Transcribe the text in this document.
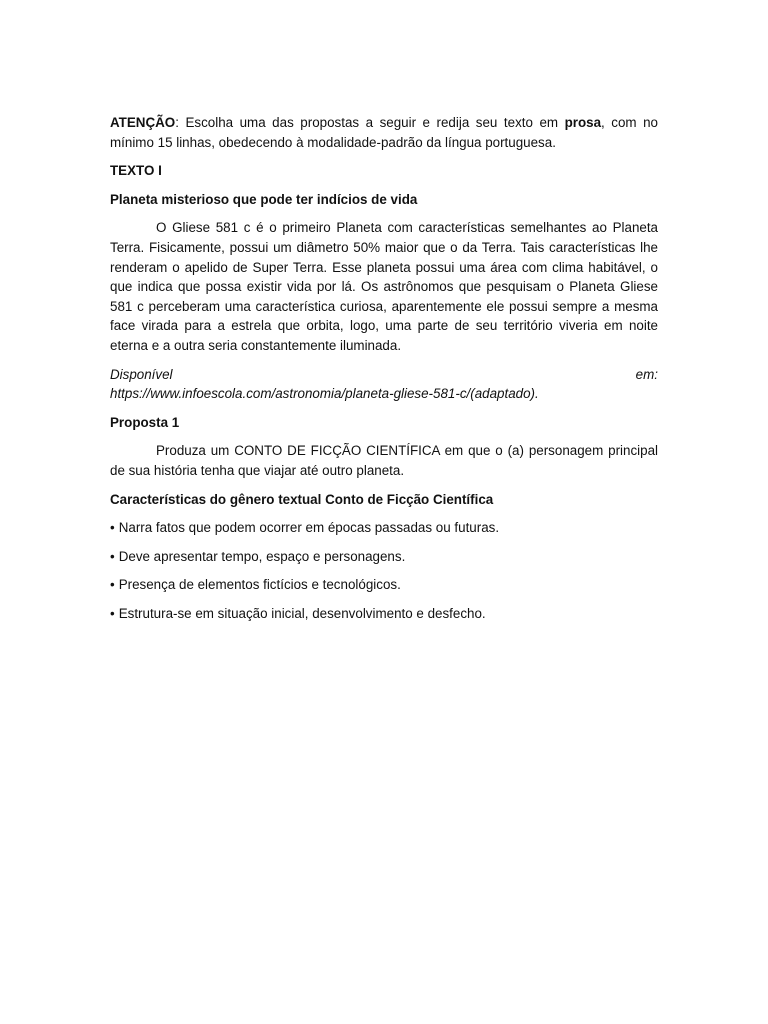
ATENÇÃO: Escolha uma das propostas a seguir e redija seu texto em prosa, com no mínimo 15 linhas, obedecendo à modalidade-padrão da língua portuguesa.

TEXTO I

Planeta misterioso que pode ter indícios de vida

O Gliese 581 c é o primeiro Planeta com características semelhantes ao Planeta Terra. Fisicamente, possui um diâmetro 50% maior que o da Terra. Tais características lhe renderam o apelido de Super Terra. Esse planeta possui uma área com clima habitável, o que indica que possa existir vida por lá. Os astrônomos que pesquisam o Planeta Gliese 581 c perceberam uma característica curiosa, aparentemente ele possui sempre a mesma face virada para a estrela que orbita, logo, uma parte de seu território viveria em noite eterna e a outra seria constantemente iluminada.

Disponível	em:
https://www.infoescola.com/astronomia/planeta-gliese-581-c/(adaptado).

Proposta 1

Produza um CONTO DE FICÇÃO CIENTÍFICA em que o (a) personagem principal de sua história tenha que viajar até outro planeta.

Características do gênero textual Conto de Ficção Científica

• Narra fatos que podem ocorrer em épocas passadas ou futuras.
• Deve apresentar tempo, espaço e personagens.
• Presença de elementos fictícios e tecnológicos.
• Estrutura-se em situação inicial, desenvolvimento e desfecho.
